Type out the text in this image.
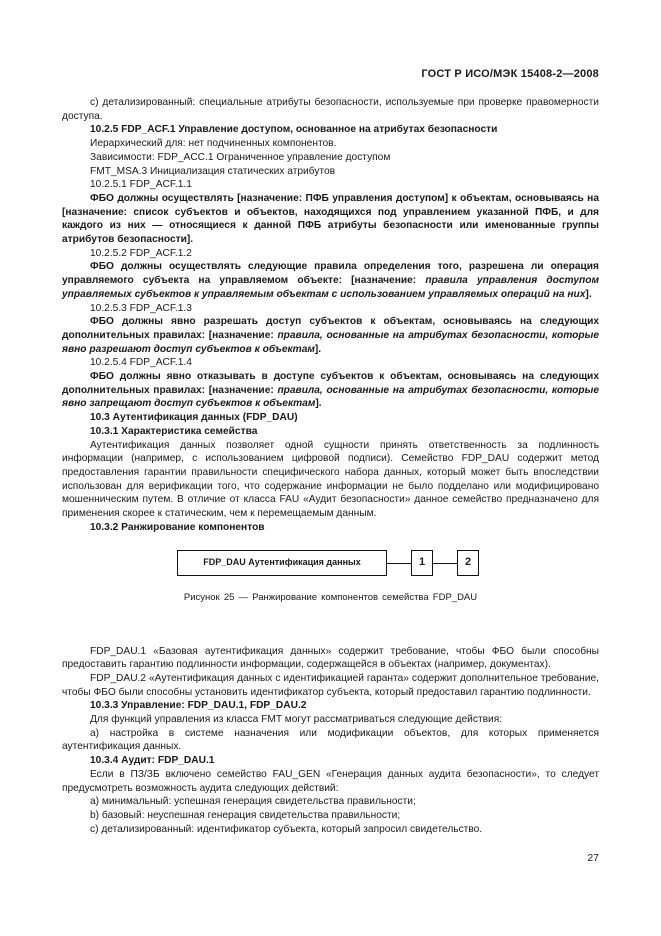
ГОСТ Р ИСО/МЭК 15408-2—2008

c) детализированный: специальные атрибуты безопасности, используемые при проверке правомерности доступа.

10.2.5 FDP_ACF.1 Управление доступом, основанное на атрибутах безопасности

Иерархический для: нет подчиненных компонентов.

Зависимости: FDP_ACC.1 Ограниченное управление доступом

FMT_MSA.3 Инициализация статических атрибутов

10.2.5.1 FDP_ACF.1.1

ФБО должны осуществлять [назначение: ПФБ управления доступом] к объектам, основываясь на [назначение: список субъектов и объектов, находящихся под управлением указанной ПФБ, и для каждого из них — относящиеся к данной ПФБ атрибуты безопасности или именованные группы атрибутов безопасности].

10.2.5.2 FDP_ACF.1.2

ФБО должны осуществлять следующие правила определения того, разрешена ли операция управляемого субъекта на управляемом объекте: [назначение: правила управления доступом управляемых субъектов к управляемым объектам с использованием управляемых операций на них].

10.2.5.3 FDP_ACF.1.3

ФБО должны явно разрешать доступ субъектов к объектам, основываясь на следующих дополнительных правилах: [назначение: правила, основанные на атрибутах безопасности, которые явно разрешают доступ субъектов к объектам].

10.2.5.4 FDP_ACF.1.4

ФБО должны явно отказывать в доступе субъектов к объектам, основываясь на следующих дополнительных правилах: [назначение: правила, основанные на атрибутах безопасности, которые явно запрещают доступ субъектов к объектам].

10.3 Аутентификация данных (FDP_DAU)

10.3.1 Характеристика семейства

Аутентификация данных позволяет одной сущности принять ответственность за подлинность информации (например, с использованием цифровой подписи). Семейство FDP_DAU содержит метод предоставления гарантии правильности специфического набора данных, который может быть впоследствии использован для верификации того, что содержание информации не было подделано или модифицировано мошенническим путем. В отличие от класса FAU «Аудит безопасности» данное семейство предназначено для применения скорее к статическим, чем к перемещаемым данным.

10.3.2 Ранжирование компонентов

FDP_DAU Аутентификация данных	1	2
Рисунок 25 — Ранжирование компонентов семейства FDP_DAU

FDP_DAU.1 «Базовая аутентификация данных» содержит требование, чтобы ФБО были способны предоставить гарантию подлинности информации, содержащейся в объектах (например, документах).

FDP_DAU.2 «Аутентификация данных с идентификацией гаранта» содержит дополнительное требование, чтобы ФБО были способны установить идентификатор субъекта, который предоставил гарантию подлинности.

10.3.3 Управление: FDP_DAU.1, FDP_DAU.2

Для функций управления из класса FMT могут рассматриваться следующие действия:

а) настройка в системе назначения или модификации объектов, для которых применяется аутентификация данных.

10.3.4 Аудит: FDP_DAU.1

Если в ПЗ/ЗБ включено семейство FAU_GEN «Генерация данных аудита безопасности», то следует предусмотреть возможность аудита следующих действий:

а) минимальный: успешная генерация свидетельства правильности;

b) базовый: неуспешная генерация свидетельства правильности;

с) детализированный: идентификатор субъекта, который запросил свидетельство.

27
